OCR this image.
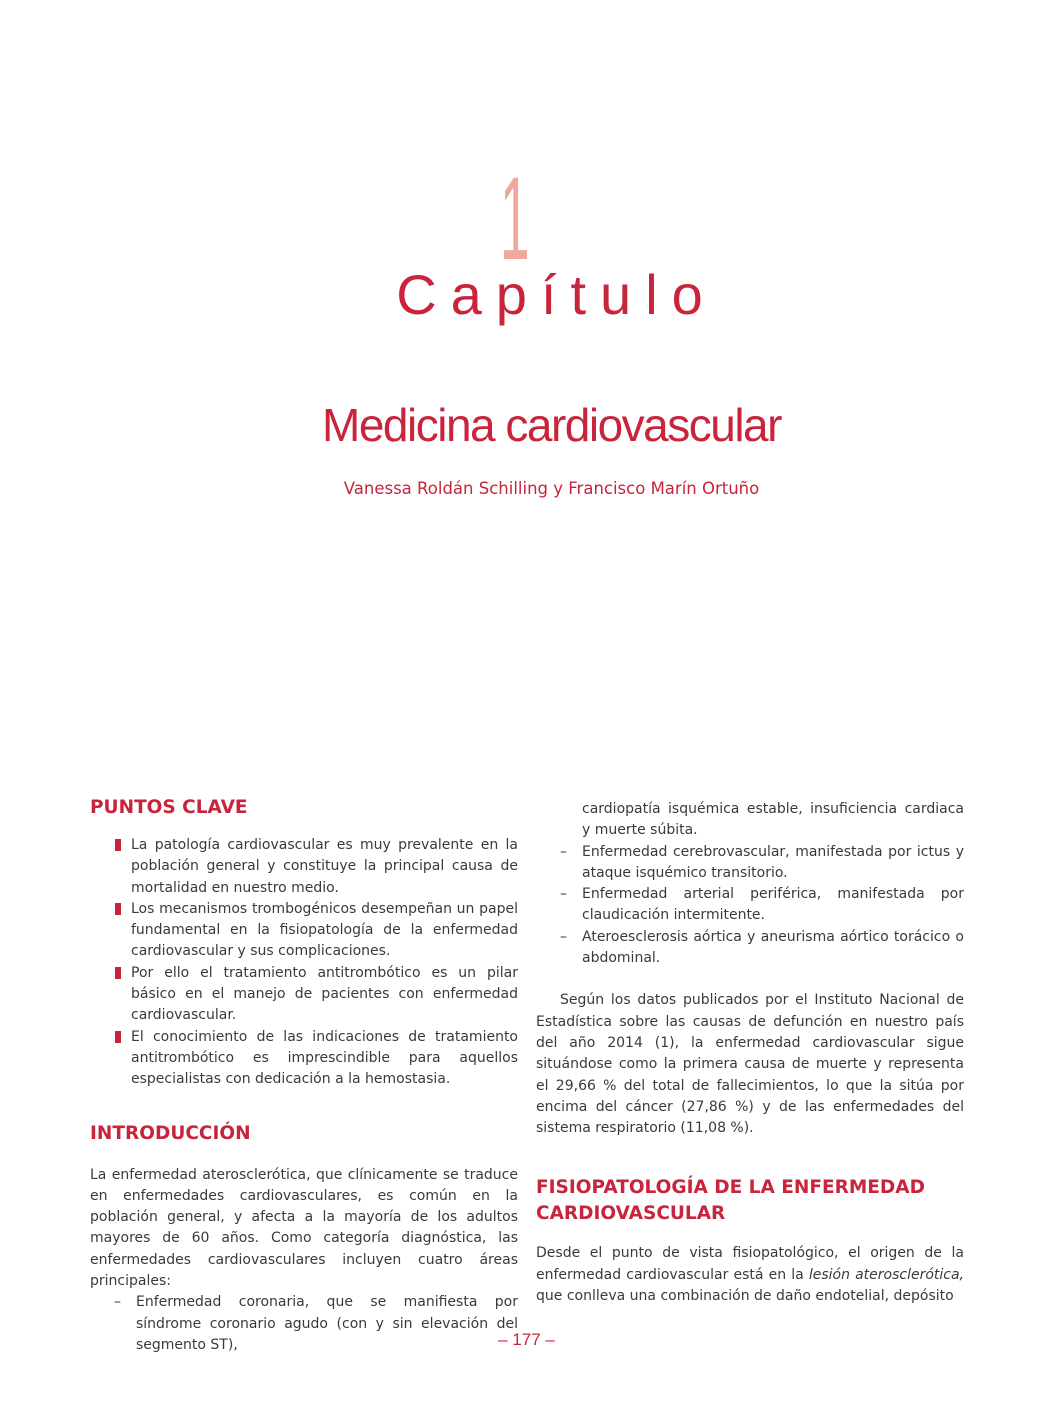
1
Capítulo
Medicina cardiovascular
Vanessa Roldán Schilling y Francisco Marín Ortuño
PUNTOS CLAVE
La patología cardiovascular es muy prevalente en la población general y constituye la principal causa de mortalidad en nuestro medio.
Los mecanismos trombogénicos desempeñan un papel fundamental en la fisiopatología de la enfermedad cardiovascular y sus complicaciones.
Por ello el tratamiento antitrombótico es un pilar básico en el manejo de pacientes con enfermedad cardiovascular.
El conocimiento de las indicaciones de tratamiento antitrombótico es imprescindible para aquellos especialistas con dedicación a la hemostasia.
INTRODUCCIÓN

La enfermedad aterosclerótica, que clínicamente se traduce en enfermedades cardiovasculares, es común en la población general, y afecta a la mayoría de los adultos mayores de 60 años. Como categoría diagnóstica, las enfermedades cardiovasculares incluyen cuatro áreas principales:

– Enfermedad coronaria, que se manifiesta por síndrome coronario agudo (con y sin elevación del segmento ST),
cardiopatía isquémica estable, insuficiencia cardiaca y muerte súbita.
– Enfermedad cerebrovascular, manifestada por ictus y ataque isquémico transitorio.
– Enfermedad arterial periférica, manifestada por claudicación intermitente.
– Ateroesclerosis aórtica y aneurisma aórtico torácico o abdominal.

Según los datos publicados por el Instituto Nacional de Estadística sobre las causas de defunción en nuestro país del año 2014 (1), la enfermedad cardiovascular sigue situándose como la primera causa de muerte y representa el 29,66 % del total de fallecimientos, lo que la sitúa por encima del cáncer (27,86 %) y de las enfermedades del sistema respiratorio (11,08 %).

FISIOPATOLOGÍA DE LA ENFERMEDAD CARDIOVASCULAR

Desde el punto de vista fisiopatológico, el origen de la enfermedad cardiovascular está en la lesión aterosclerótica, que conlleva una combinación de daño endotelial, depósito

– 177 –
